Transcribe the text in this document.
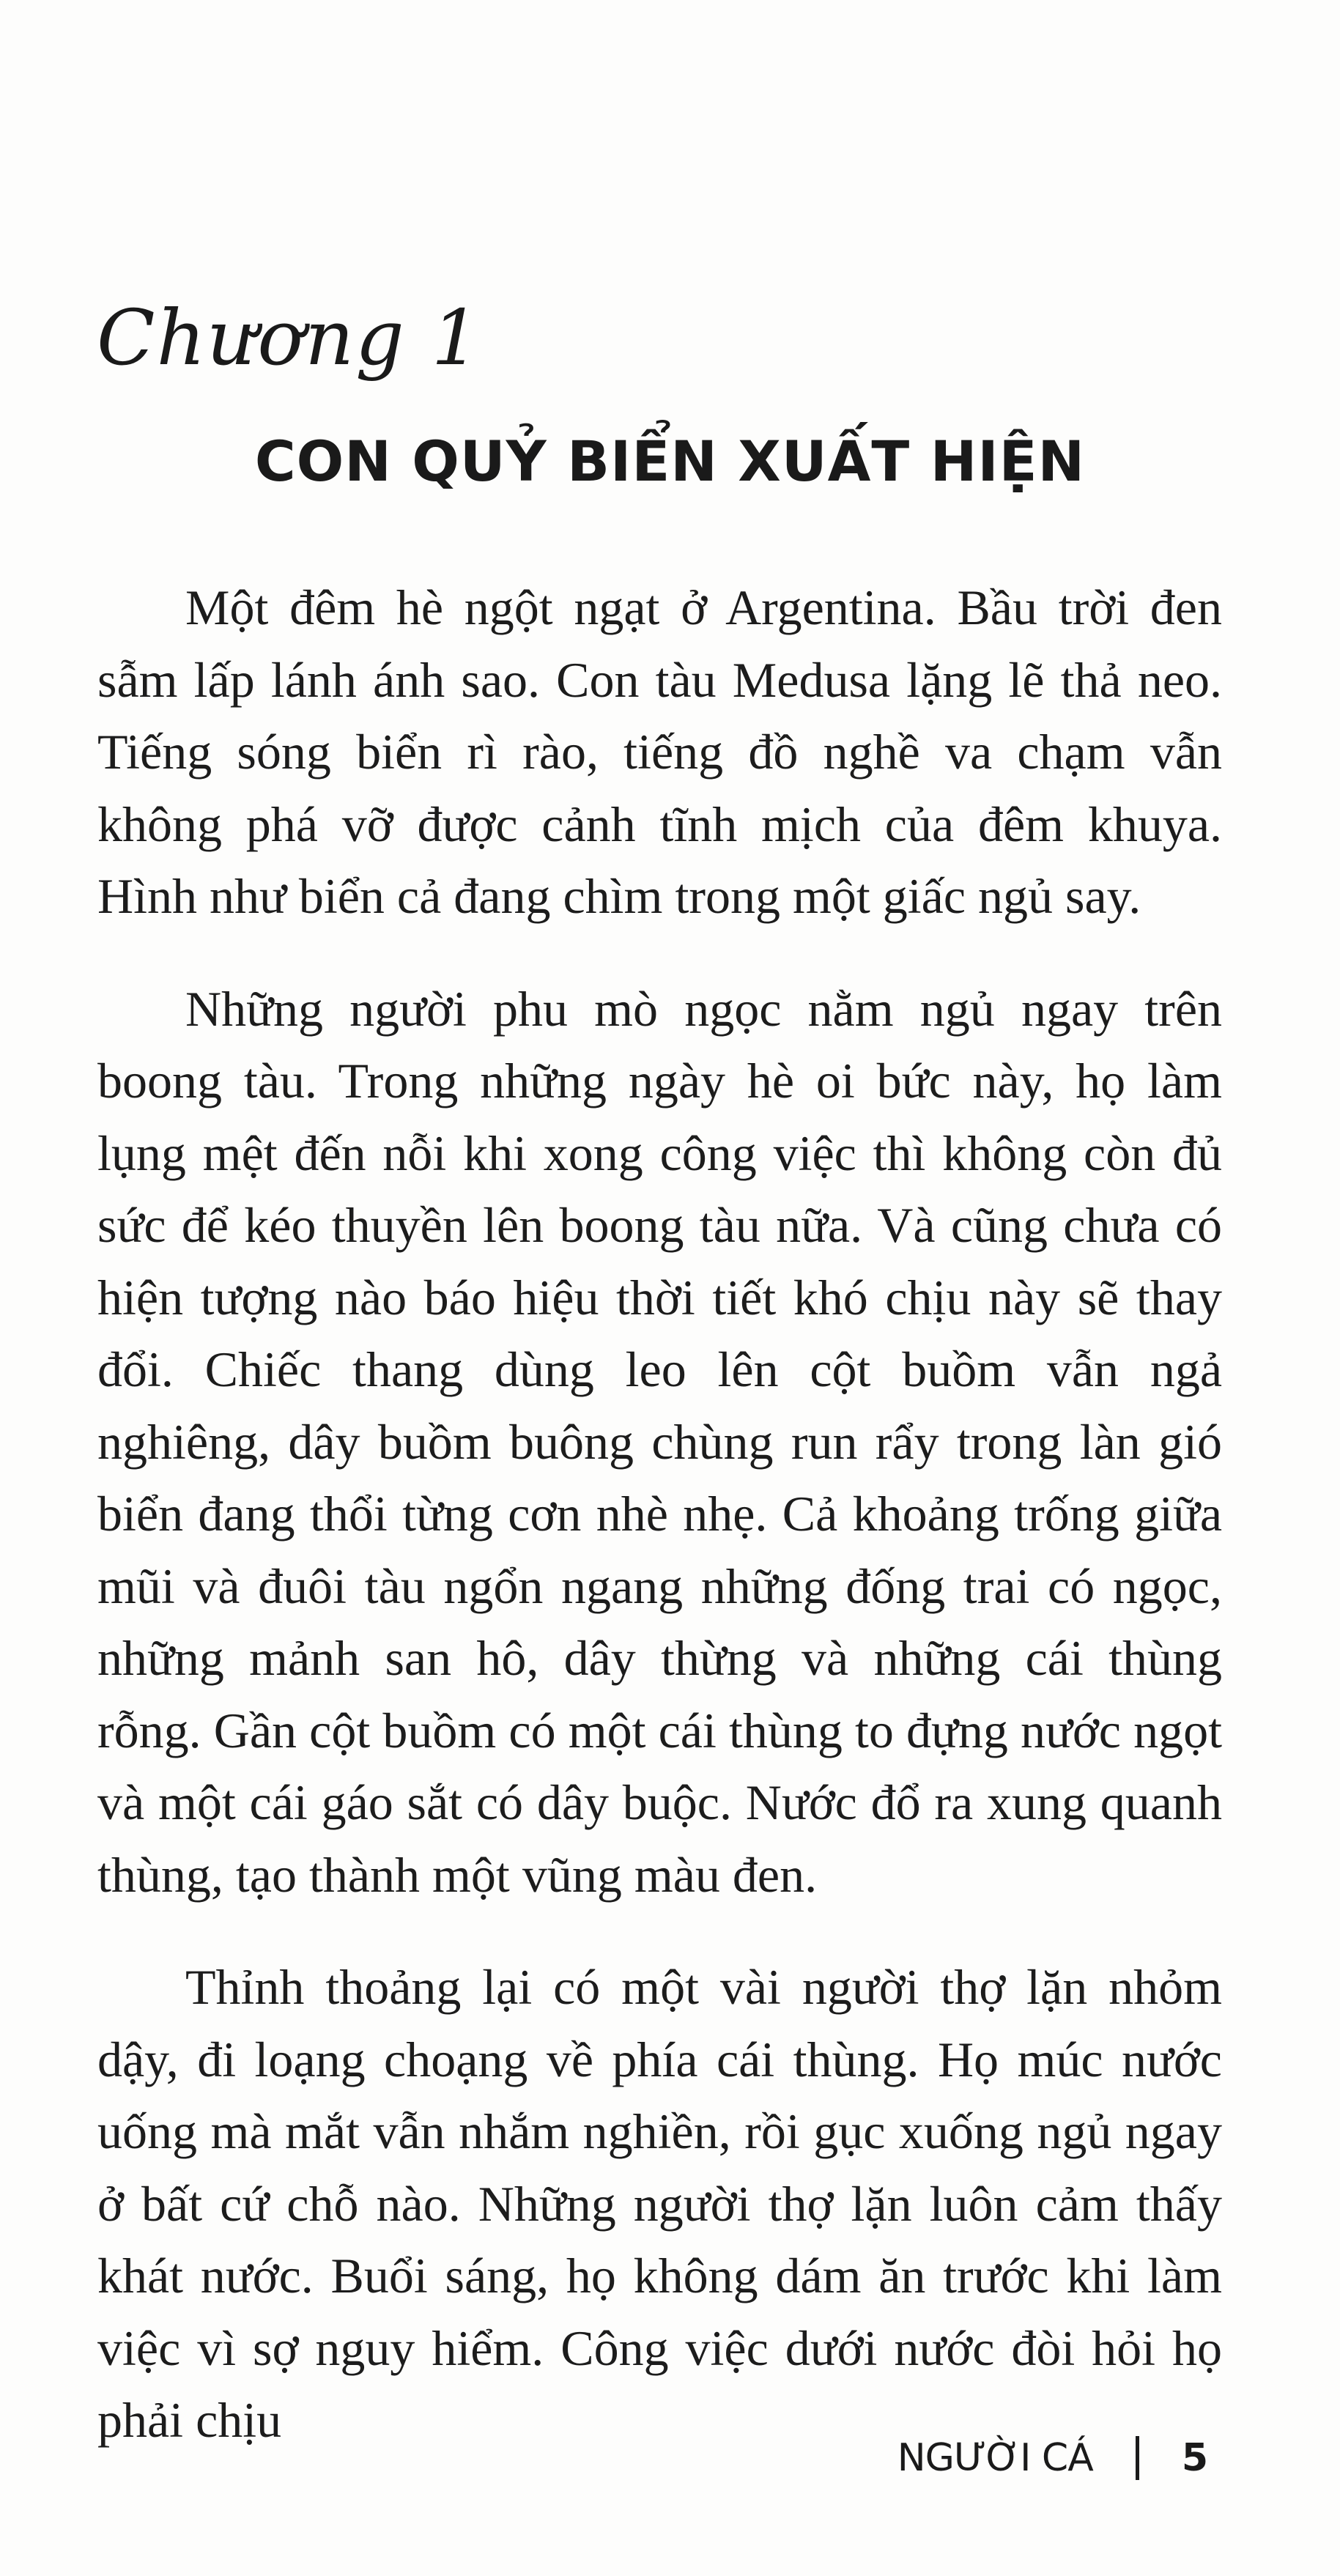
Chương 1
CON QUỶ BIỂN XUẤT HIỆN

Một đêm hè ngột ngạt ở Argentina. Bầu trời đen sẫm lấp lánh ánh sao. Con tàu Medusa lặng lẽ thả neo. Tiếng sóng biển rì rào, tiếng đồ nghề va chạm vẫn không phá vỡ được cảnh tĩnh mịch của đêm khuya. Hình như biển cả đang chìm trong một giấc ngủ say.

Những người phu mò ngọc nằm ngủ ngay trên boong tàu. Trong những ngày hè oi bức này, họ làm lụng mệt đến nỗi khi xong công việc thì không còn đủ sức để kéo thuyền lên boong tàu nữa. Và cũng chưa có hiện tượng nào báo hiệu thời tiết khó chịu này sẽ thay đổi. Chiếc thang dùng leo lên cột buồm vẫn ngả nghiêng, dây buồm buông chùng run rẩy trong làn gió biển đang thổi từng cơn nhè nhẹ. Cả khoảng trống giữa mũi và đuôi tàu ngổn ngang những đống trai có ngọc, những mảnh san hô, dây thừng và những cái thùng rỗng. Gần cột buồm có một cái thùng to đựng nước ngọt và một cái gáo sắt có dây buộc. Nước đổ ra xung quanh thùng, tạo thành một vũng màu đen.

Thỉnh thoảng lại có một vài người thợ lặn nhỏm dậy, đi loạng choạng về phía cái thùng. Họ múc nước uống mà mắt vẫn nhắm nghiền, rồi gục xuống ngủ ngay ở bất cứ chỗ nào. Những người thợ lặn luôn cảm thấy khát nước. Buổi sáng, họ không dám ăn trước khi làm việc vì sợ nguy hiểm. Công việc dưới nước đòi hỏi họ phải chịu

NGƯỜI CÁ 5
